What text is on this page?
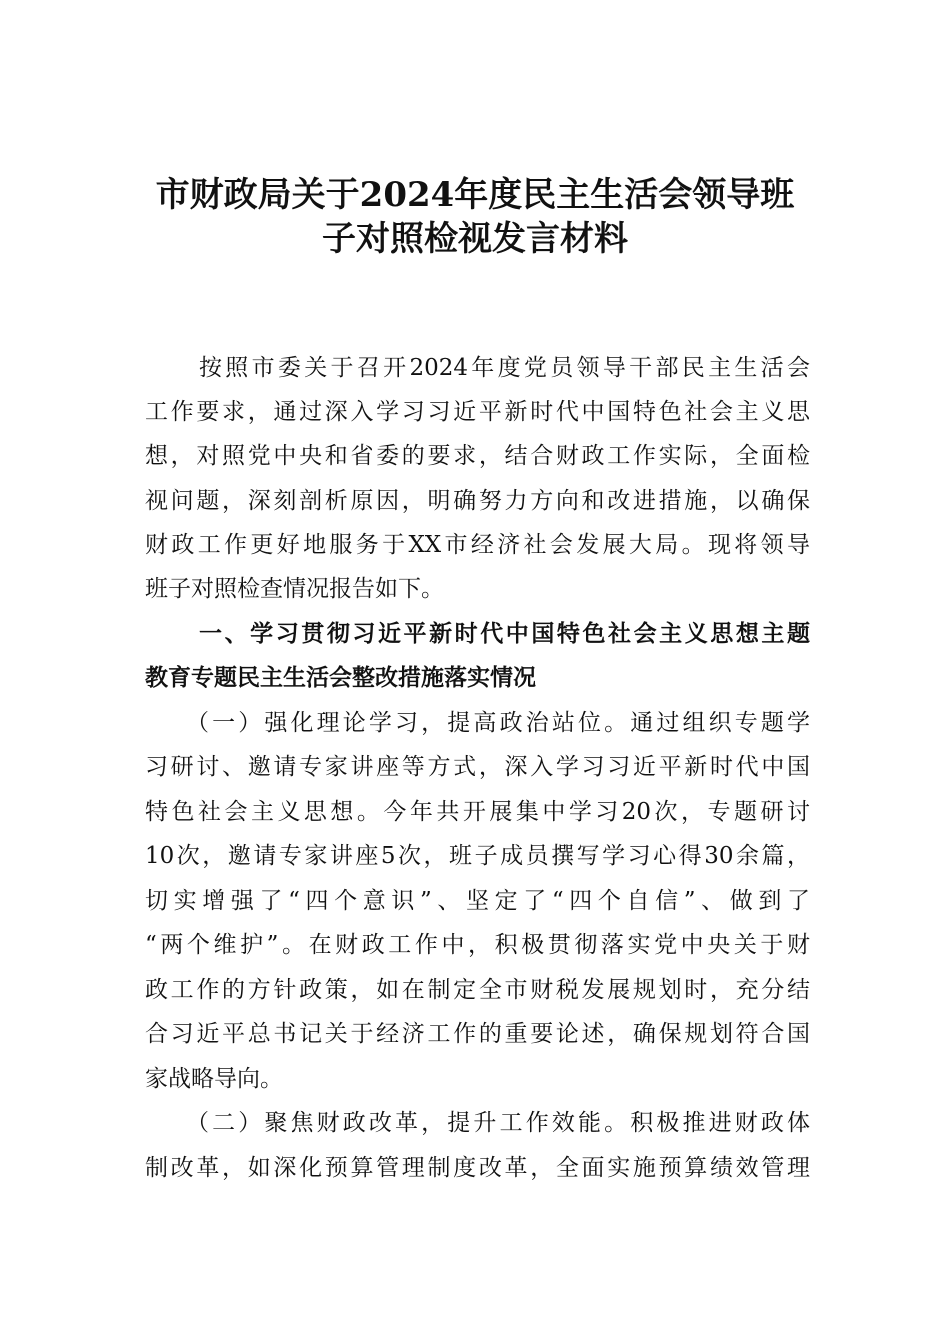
市财政局关于2024年度民主生活会领导班
子对照检视发言材料
按照市委关于召开2024年度党员领导干部民主生活会
工作要求，通过深入学习习近平新时代中国特色社会主义思
想，对照党中央和省委的要求，结合财政工作实际，全面检
视问题，深刻剖析原因，明确努力方向和改进措施，以确保
财政工作更好地服务于XX市经济社会发展大局。现将领导
班子对照检查情况报告如下。
一、学习贯彻习近平新时代中国特色社会主义思想主题
教育专题民主生活会整改措施落实情况
（一）强化理论学习，提高政治站位。通过组织专题学
习研讨、邀请专家讲座等方式，深入学习习近平新时代中国
特色社会主义思想。今年共开展集中学习20次，专题研讨
10次，邀请专家讲座5次，班子成员撰写学习心得30余篇，
切实增强了“四个意识”、坚定了“四个自信”、做到了
“两个维护”。在财政工作中，积极贯彻落实党中央关于财
政工作的方针政策，如在制定全市财税发展规划时，充分结
合习近平总书记关于经济工作的重要论述，确保规划符合国
家战略导向。
（二）聚焦财政改革，提升工作效能。积极推进财政体
制改革，如深化预算管理制度改革，全面实施预算绩效管理
